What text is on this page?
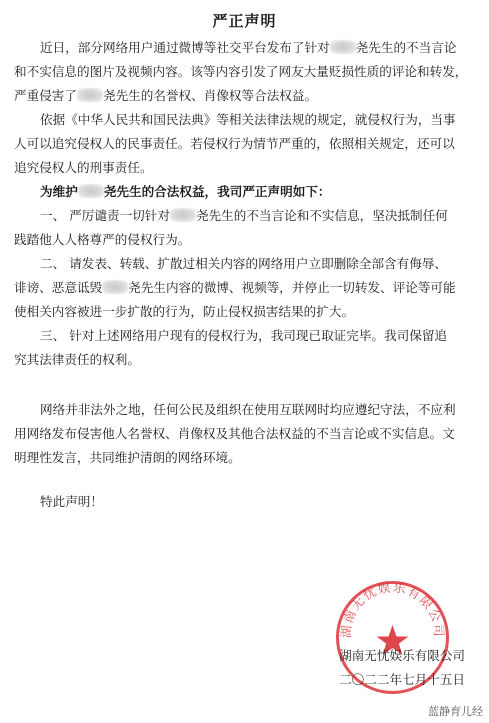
严正声明
近日，部分网络用户通过微博等社交平台发布了针对 尧先生的不当言论
和不实信息的图片及视频内容。该等内容引发了网友大量贬损性质的评论和转发，
严重侵害了 尧先生的名誉权、肖像权等合法权益。
依据《中华人民共和国民法典》等相关法律法规的规定，就侵权行为，当事
人可以追究侵权人的民事责任。若侵权行为情节严重的，依照相关规定，还可以
追究侵权人的刑事责任。
为维护 尧先生的合法权益，我司严正声明如下：
一、 严厉谴责一切针对 尧先生的不当言论和不实信息，坚决抵制任何
践踏他人人格尊严的侵权行为。
二、 请发表、转载、扩散过相关内容的网络用户立即删除全部含有侮辱、
诽谤、恶意诋毁 尧先生内容的微博、视频等，并停止一切转发、评论等可能
使相关内容被进一步扩散的行为，防止侵权损害结果的扩大。
三、 针对上述网络用户现有的侵权行为，我司现已取证完毕。我司保留追
究其法律责任的权利。
网络并非法外之地，任何公民及组织在使用互联网时均应遵纪守法，不应利
用网络发布侵害他人名誉权、肖像权及其他合法权益的不当言论或不实信息。文
明理性发言，共同维护清朗的网络环境。
特此声明！
湖南无忧娱乐有限公司
湖南无忧娱乐有限公司
二〇二二年七月十五日
蓝静育儿经
